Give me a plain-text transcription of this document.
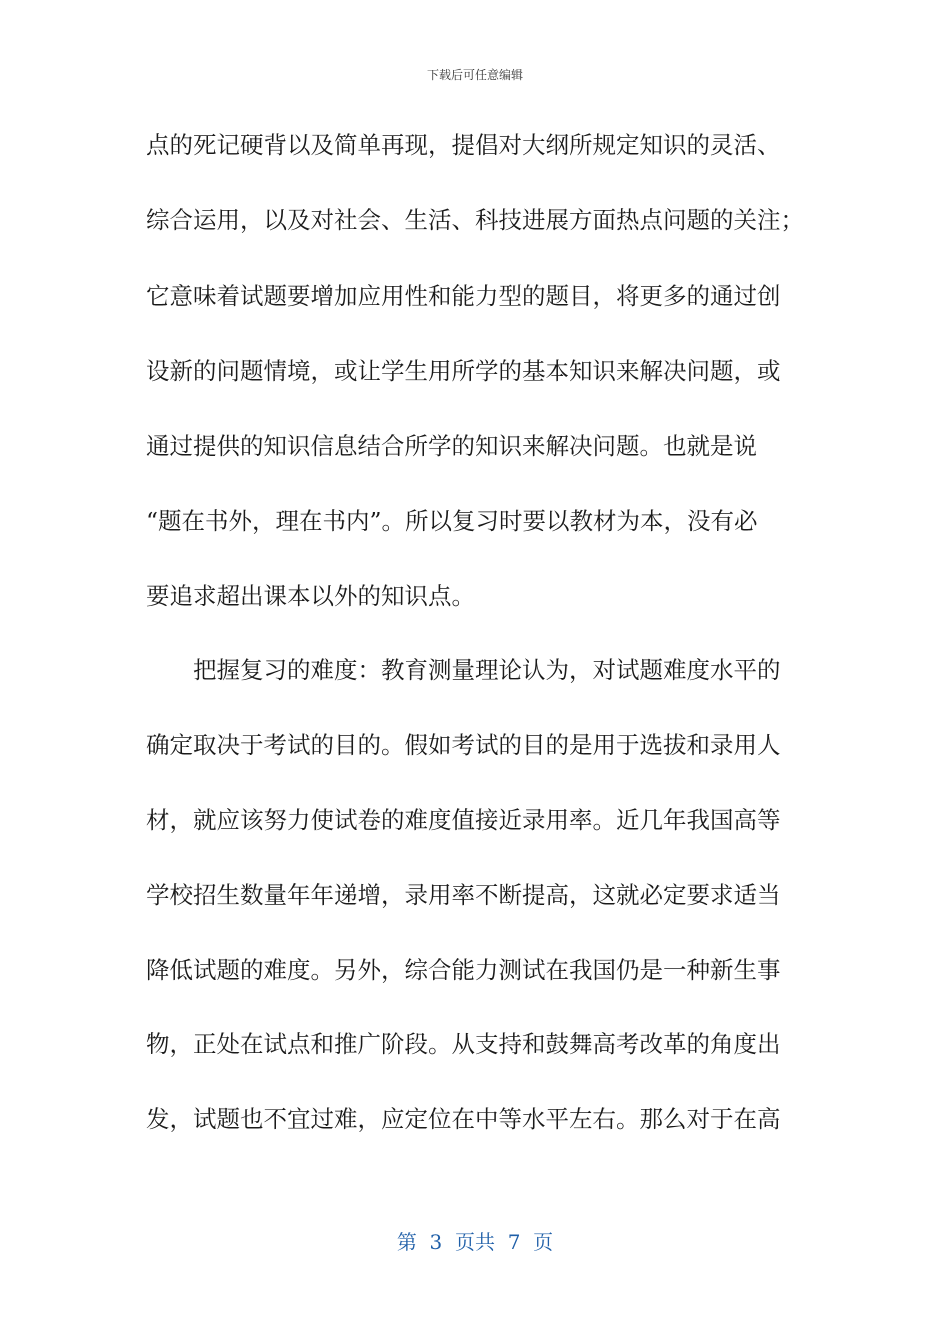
下载后可任意编辑
点的死记硬背以及简单再现，提倡对大纲所规定知识的灵活、
综合运用，以及对社会、生活、科技进展方面热点问题的关注；
它意味着试题要增加应用性和能力型的题目，将更多的通过创
设新的问题情境，或让学生用所学的基本知识来解决问题，或
通过提供的知识信息结合所学的知识来解决问题。也就是说
“题在书外，理在书内”。所以复习时要以教材为本，没有必
要追求超出课本以外的知识点。
把握复习的难度：教育测量理论认为，对试题难度水平的
确定取决于考试的目的。假如考试的目的是用于选拔和录用人
材，就应该努力使试卷的难度值接近录用率。近几年我国高等
学校招生数量年年递增，录用率不断提高，这就必定要求适当
降低试题的难度。另外，综合能力测试在我国仍是一种新生事
物，正处在试点和推广阶段。从支持和鼓舞高考改革的角度出
发，试题也不宜过难，应定位在中等水平左右。那么对于在高
第  3  页共  7  页
